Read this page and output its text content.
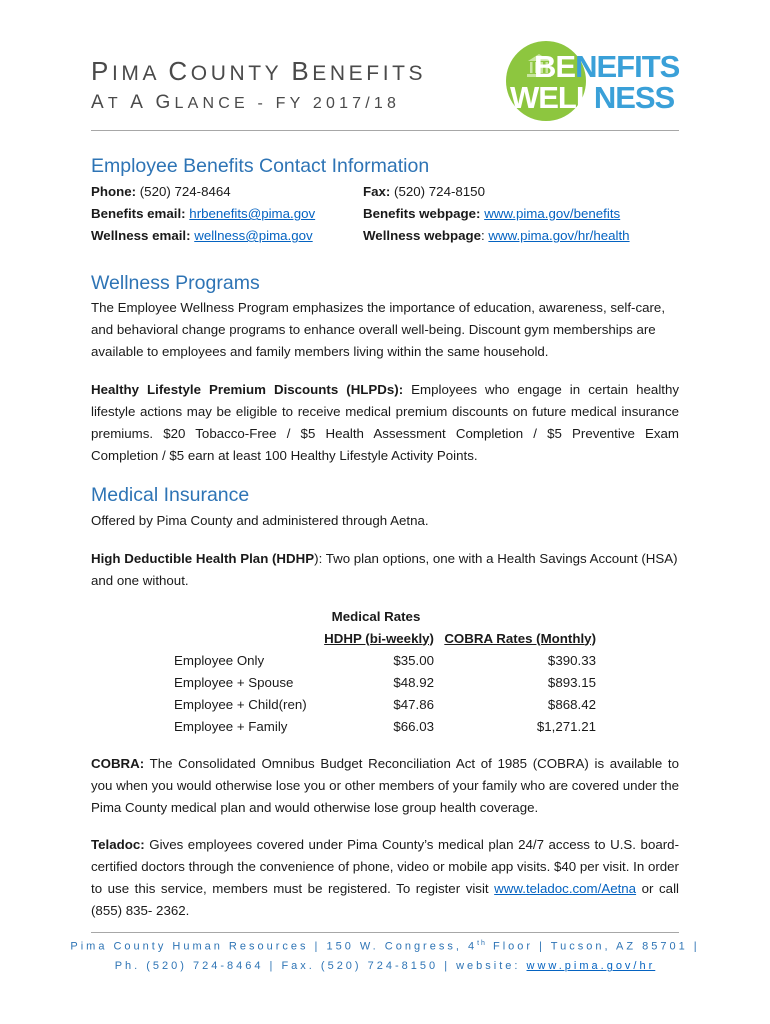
PIMA COUNTY BENEFITS
AT A GLANCE - FY 2017/18
BENEFITS
WELLNESS
Employee Benefits Contact Information
Phone: (520) 724-8464	Fax: (520) 724-8150
Benefits email: hrbenefits@pima.gov	Benefits webpage: www.pima.gov/benefits
Wellness email: wellness@pima.gov	Wellness webpage: www.pima.gov/hr/health
Wellness Programs
The Employee Wellness Program emphasizes the importance of education, awareness, self-care, and behavioral change programs to enhance overall well-being. Discount gym memberships are available to employees and family members living within the same household.
Healthy Lifestyle Premium Discounts (HLPDs): Employees who engage in certain healthy lifestyle actions may be eligible to receive medical premium discounts on future medical insurance premiums. $20 Tobacco-Free / $5 Health Assessment Completion / $5 Preventive Exam Completion / $5 earn at least 100 Healthy Lifestyle Activity Points.
Medical Insurance
Offered by Pima County and administered through Aetna.
High Deductible Health Plan (HDHP): Two plan options, one with a Health Savings Account (HSA) and one without.
	Medical Rates	
	HDHP (bi-weekly)	COBRA Rates (Monthly)
Employee Only	$35.00	$390.33
Employee + Spouse	$48.92	$893.15
Employee + Child(ren)	$47.86	$868.42
Employee + Family	$66.03	$1,271.21
COBRA: The Consolidated Omnibus Budget Reconciliation Act of 1985 (COBRA) is available to you when you would otherwise lose you or other members of your family who are covered under the Pima County medical plan and would otherwise lose group health coverage.
Teladoc: Gives employees covered under Pima County’s medical plan 24/7 access to U.S. board-certified doctors through the convenience of phone, video or mobile app visits. $40 per visit. In order to use this service, members must be registered. To register visit www.teladoc.com/Aetna or call (855) 835- 2362.
Pima County Human Resources | 150 W. Congress, 4th Floor | Tucson, AZ 85701 |
Ph. (520) 724-8464 | Fax. (520) 724-8150 | website: www.pima.gov/hr
